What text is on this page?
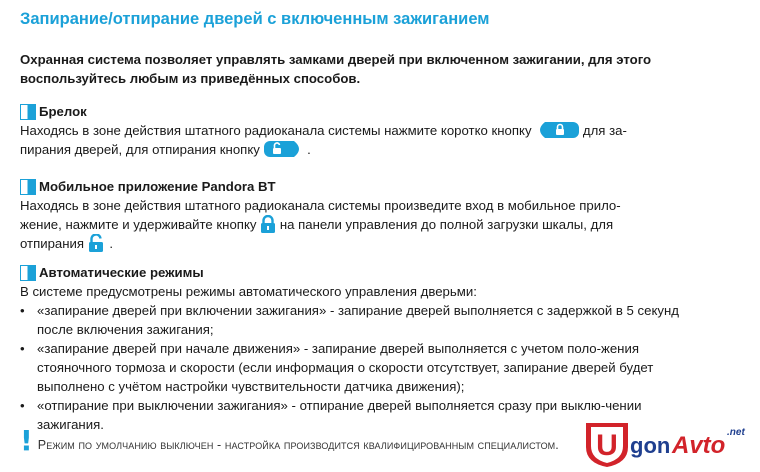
Запирание/отпирание дверей с включенным зажиганием
Охранная система позволяет управлять замками дверей при включенном зажигании, для этого воспользуйтесь любым из приведённых способов.
Брелок
Находясь в зоне действия штатного радиоканала системы нажмите коротко кнопку	для за-
пирания дверей, для отпирания кнопку	.
Мобильное приложение Pandora BT
Находясь в зоне действия штатного радиоканала системы произведите вход в мобильное прило-
жение, нажмите и удерживайте кнопку на панели управления до полной загрузки шкалы, для
отпирания .
Автоматические режимы
В системе предусмотрены режимы автоматического управления дверьми:
• «запирание дверей при включении зажигания» - запирание дверей выполняется с задержкой в 5 секунд после включения зажигания;
• «запирание дверей при начале движения» - запирание дверей выполняется с учетом поло-жения стояночного тормоза и скорости (если информация о скорости отсутствует, запирание дверей будет выполнено с учётом настройки чувствительности датчика движения);
• «отпирание при выключении зажигания» - отпирание дверей выполняется сразу при выклю-чении зажигания.
! Режим по умолчанию выключен - настройка производится квалифицированным специалистом. U gon Avto .net
